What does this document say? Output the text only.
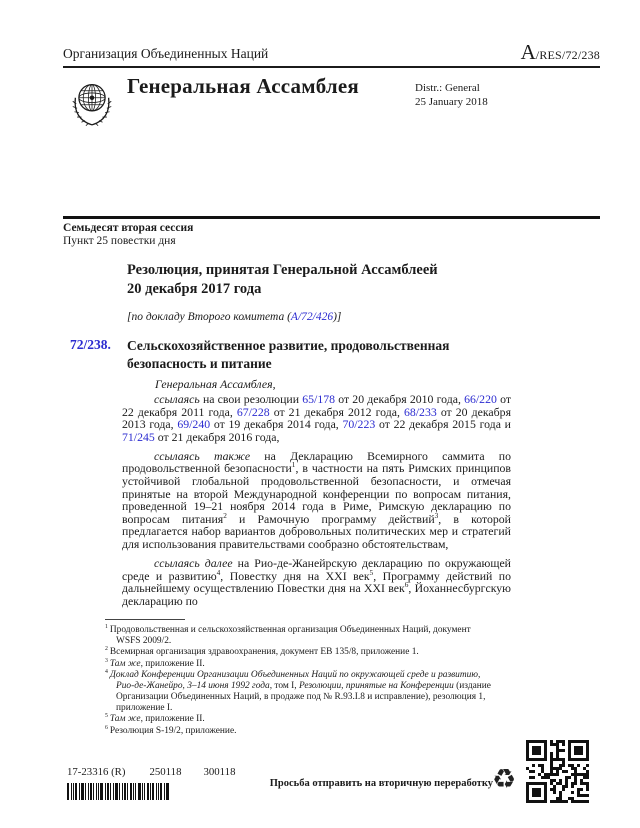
Организация Объединенных Наций	A/RES/72/238
Генеральная Ассамблея	Distr.: General
25 January 2018
Семьдесят вторая сессия
Пункт 25 повестки дня
Резолюция, принятая Генеральной Ассамблеей
20 декабря 2017 года
[по докладу Второго комитета (A/72/426)]
72/238. Сельскохозяйственное развитие, продовольственная безопасность и питание
Генеральная Ассамблея,

ссылаясь на свои резолюции 65/178 от 20 декабря 2010 года, 66/220 от 22 декабря 2011 года, 67/228 от 21 декабря 2012 года, 68/233 от 20 декабря 2013 года, 69/240 от 19 декабря 2014 года, 70/223 от 22 декабря 2015 года и 71/245 от 21 декабря 2016 года,

ссылаясь также на Декларацию Всемирного саммита по продовольственной безопасности$^1$, в частности на пять Римских принципов устойчивой глобальной продовольственной безопасности, и отмечая принятые на второй Международной конференции по вопросам питания, проведенной 19–21 ноября 2014 года в Риме, Римскую декларацию по вопросам питания$^2$ и Рамочную программу действий$^3$, в которой предлагается набор вариантов добровольных политических мер и стратегий для использования правительствами сообразно обстоятельствам,

ссылаясь далее на Рио-де-Жанейрскую декларацию по окружающей среде и развитию$^4$, Повестку дня на XXI век$^5$, Программу действий по дальнейшему осуществлению Повестки дня на XXI век$^6$, Йоханнесбургскую декларацию по

$^1$ Продовольственная и сельскохозяйственная организация Объединенных Наций, документ WSFS 2009/2.
$^2$ Всемирная организация здравоохранения, документ EB 135/8, приложение 1.
$^3$ Там же, приложение II.
$^4$ Доклад Конференции Организации Объединенных Наций по окружающей среде и развитию, Рио-де-Жанейро, 3–14 июня 1992 года, том I, Резолюции, принятые на Конференции (издание Организации Объединенных Наций, в продаже под № R.93.I.8 и исправление), резолюция 1, приложение I.
$^5$ Там же, приложение II.
$^6$ Резолюция S-19/2, приложение.
17-23316 (R) 250118 300118
Просьба отправить на вторичную переработку ♻
